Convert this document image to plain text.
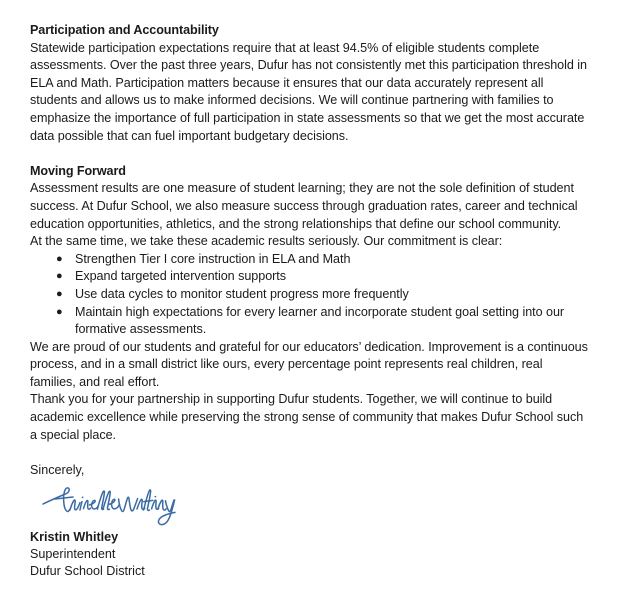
Participation and Accountability

Statewide participation expectations require that at least 94.5% of eligible students complete assessments. Over the past three years, Dufur has not consistently met this participation threshold in ELA and Math. Participation matters because it ensures that our data accurately represent all students and allows us to make informed decisions. We will continue partnering with families to emphasize the importance of full participation in state assessments so that we get the most accurate data possible that can fuel important budgetary decisions.

Moving Forward

Assessment results are one measure of student learning; they are not the sole definition of student success. At Dufur School, we also measure success through graduation rates, career and technical education opportunities, athletics, and the strong relationships that define our school community.

At the same time, we take these academic results seriously. Our commitment is clear:

● Strengthen Tier I core instruction in ELA and Math
● Expand targeted intervention supports
● Use data cycles to monitor student progress more frequently
● Maintain high expectations for every learner and incorporate student goal setting into our formative assessments.

We are proud of our students and grateful for our educators’ dedication. Improvement is a continuous process, and in a small district like ours, every percentage point represents real children, real families, and real effort.

Thank you for your partnership in supporting Dufur students. Together, we will continue to build academic excellence while preserving the strong sense of community that makes Dufur School such a special place.

Sincerely,

Kristin Whitley

Superintendent

Dufur School District
